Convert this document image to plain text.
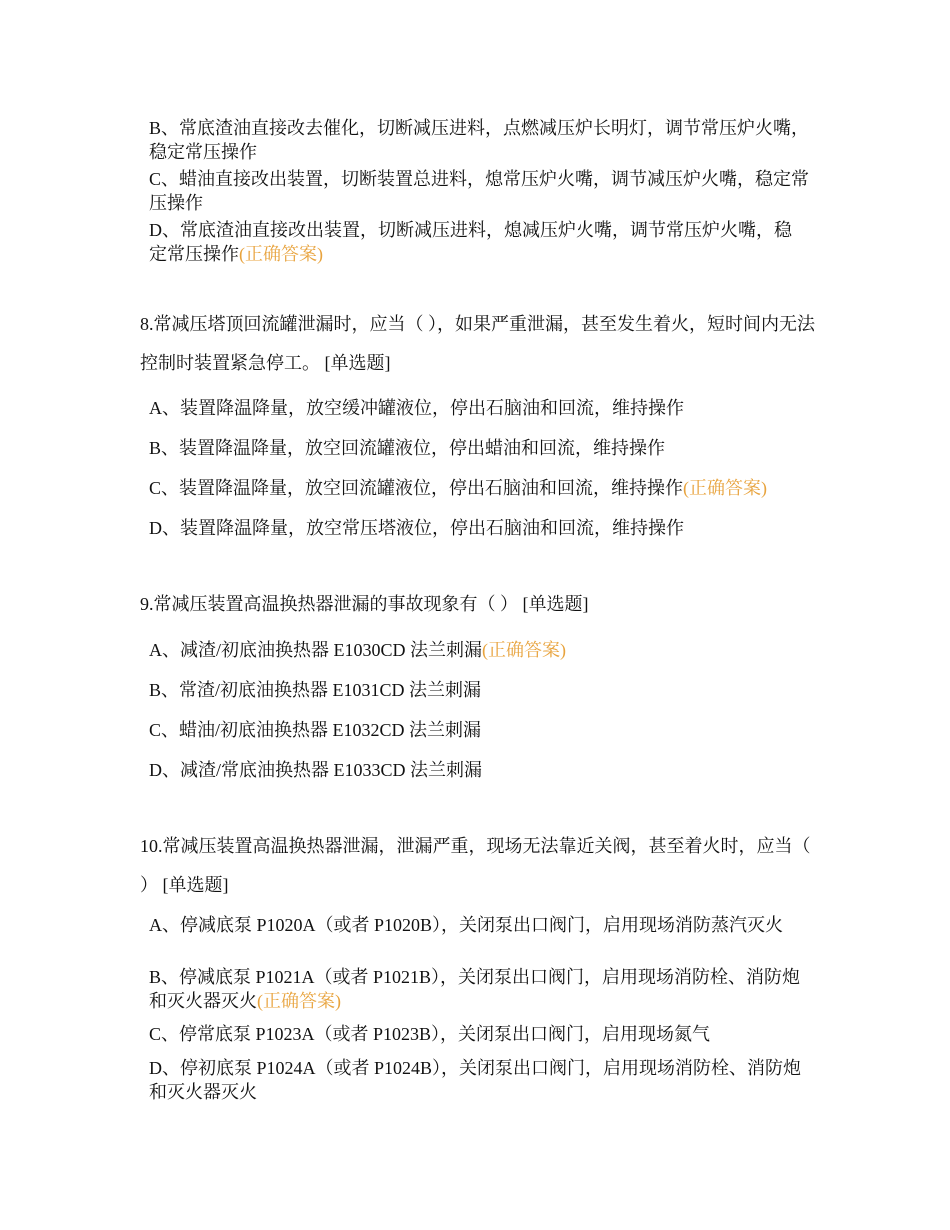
B、常底渣油直接改去催化，切断减压进料，点燃减压炉长明灯，调节常压炉火嘴，稳定常压操作
C、蜡油直接改出装置，切断装置总进料，熄常压炉火嘴，调节减压炉火嘴，稳定常压操作
D、常底渣油直接改出装置，切断减压进料，熄减压炉火嘴，调节常压炉火嘴，稳定常压操作(正确答案)
8.常减压塔顶回流罐泄漏时，应当（ ），如果严重泄漏，甚至发生着火，短时间内无法控制时装置紧急停工。 [单选题]
A、装置降温降量，放空缓冲罐液位，停出石脑油和回流，维持操作
B、装置降温降量，放空回流罐液位，停出蜡油和回流，维持操作
C、装置降温降量，放空回流罐液位，停出石脑油和回流，维持操作(正确答案)
D、装置降温降量，放空常压塔液位，停出石脑油和回流，维持操作
9.常减压装置高温换热器泄漏的事故现象有（ ） [单选题]
A、减渣/初底油换热器 E1030CD 法兰刺漏(正确答案)
B、常渣/初底油换热器 E1031CD 法兰刺漏
C、蜡油/初底油换热器 E1032CD 法兰刺漏
D、减渣/常底油换热器 E1033CD 法兰刺漏
10.常减压装置高温换热器泄漏，泄漏严重，现场无法靠近关阀，甚至着火时，应当（ ） [单选题]
A、停减底泵 P1020A（或者 P1020B），关闭泵出口阀门，启用现场消防蒸汽灭火
B、停减底泵 P1021A（或者 P1021B），关闭泵出口阀门，启用现场消防栓、消防炮和灭火器灭火(正确答案)
C、停常底泵 P1023A（或者 P1023B），关闭泵出口阀门，启用现场氮气
D、停初底泵 P1024A（或者 P1024B），关闭泵出口阀门，启用现场消防栓、消防炮和灭火器灭火
